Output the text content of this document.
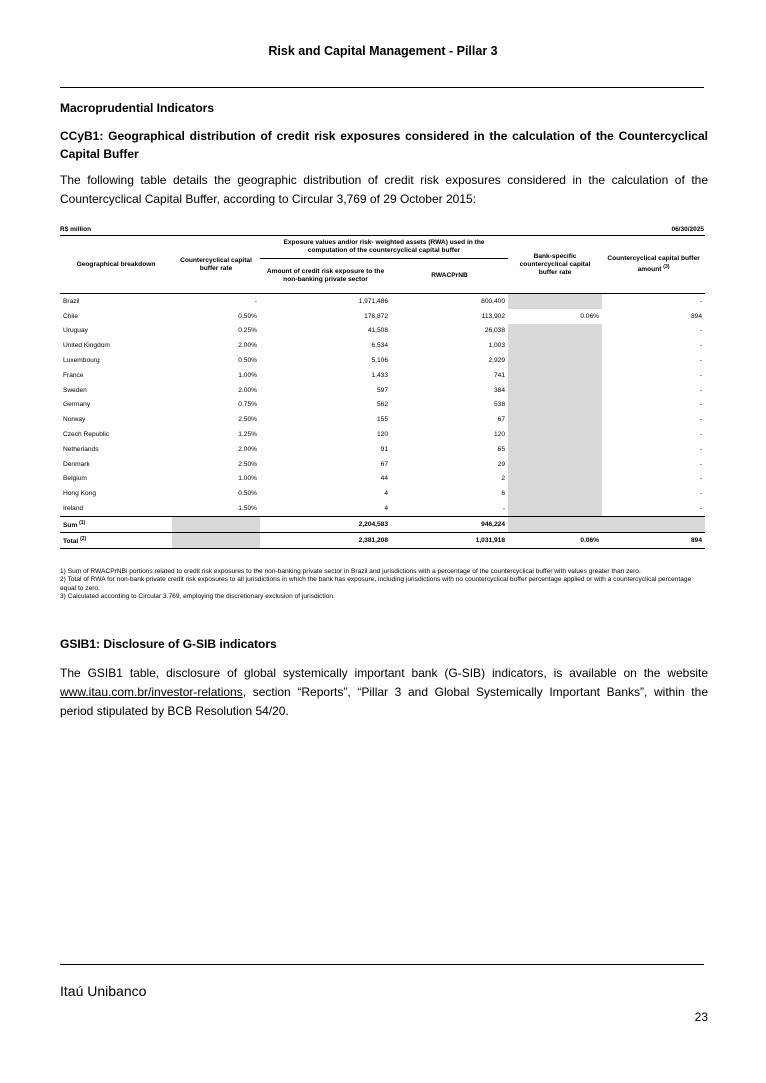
Risk and Capital Management - Pillar 3
Macroprudential Indicators
CCyB1: Geographical distribution of credit risk exposures considered in the calculation of the Countercyclical Capital Buffer
The following table details the geographic distribution of credit risk exposures considered in the calculation of the Countercyclical Capital Buffer, according to Circular 3,769 of 29 October 2015:
R$ million	06/30/2025
Geographical breakdown	Countercyclical capital buffer rate	Exposure values and/or risk- weighted assets (RWA) used in the computation of the countercyclical capital buffer		Bank-specific countercyclical capital buffer rate	Countercyclical capital buffer amount $^{(3)}$
		Amount of credit risk exposure to the non-banking private sector	RWACPrNB		
Brazil	-	1,971,486	800,400		-
Chile	0.50%	176,872	113,902	0.06%	894
Uruguay	0.25%	41,508	26,038		-
United Kingdom	2.00%	6,534	1,003		-
Luxembourg	0.50%	5,106	2,929		-
France	1.00%	1,433	741		-
Sweden	2.00%	597	384		-
Germany	0.75%	562	538		-
Norway	2.50%	155	67		-
Czech Republic	1.25%	120	120		-
Netherlands	2.00%	91	65		-
Denmark	2.50%	67	29		-
Belgium	1.00%	44	2		-
Hong Kong	0.50%	4	6		-
Ireland	1.50%	4	-		-
Sum $^{(1)}$		2,204,583	946,224		
Total $^{(2)}$		2,381,208	1,031,918	0.06%	894

1) Sum of RWACPrNBi portions related to credit risk exposures to the non-banking private sector in Brazil and jurisdictions with a percentage of the countercyclical buffer with values greater than zero.

2) Total of RWA for non-bank private credit risk exposures to all jurisdictions in which the bank has exposure, including jurisdictions with no countercyclical buffer percentage applied or with a countercyclical percentage equal to zero.

3) Calculated according to Circular 3.769, employing the discretionary exclusion of jurisdiction.

GSIB1: Disclosure of G-SIB indicators
The GSIB1 table, disclosure of global systemically important bank (G-SIB) indicators, is available on the website www.itau.com.br/investor-relations, section “Reports”, “Pillar 3 and Global Systemically Important Banks”, within the period stipulated by BCB Resolution 54/20.
Itaú Unibanco
23
